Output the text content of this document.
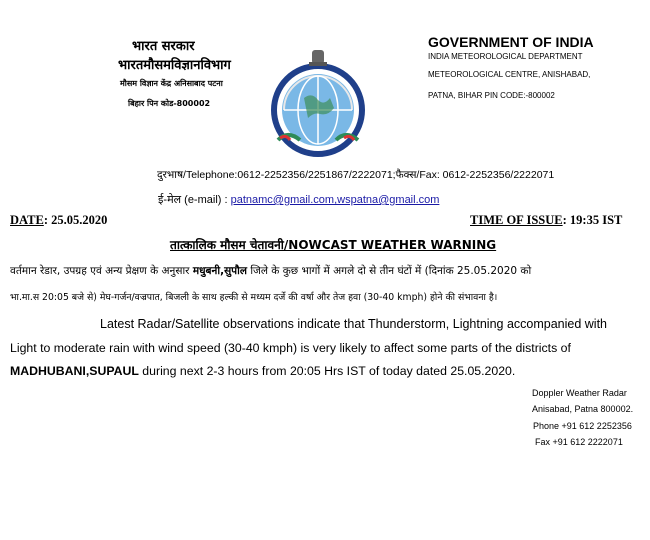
भारत सरकार
भारतमौसमविज्ञानविभाग
मौसम विज्ञान केंद्र अनिसाबाद पटना
बिहार पिन कोड-800002
GOVERNMENT OF INDIA
INDIA METEOROLOGICAL DEPARTMENT
METEOROLOGICAL CENTRE, ANISHABAD,
PATNA, BIHAR PIN CODE:-800002
दुरभाष/Telephone:0612-2252356/2251867/2222071;फैक्स/Fax: 0612-2252356/2222071
ई-मेल (e-mail) : patnamc@gmail.com,wspatna@gmail.com
DATE: 25.05.2020	TIME OF ISSUE: 19:35 IST
तात्कालिक मौसम चेतावनी/NOWCAST WEATHER WARNING
वर्तमान रेडार, उपग्रह एवं अन्य प्रेक्षण के अनुसार मधुबनी,सुपौल जिले के कुछ भागों में अगले दो से तीन घंटों में (दिनांक 25.05.2020 को
भा.मा.स 20:05 बजे से) मेघ-गर्जन/वज्रपात, बिजली के साथ हल्की से मध्यम दर्जे की वर्षा और तेज हवा (30-40 kmph) होने की संभावना है।
Latest Radar/Satellite observations indicate that Thunderstorm, Lightning accompanied with
Light to moderate rain with wind speed (30-40 kmph) is very likely to affect some parts of the districts of
MADHUBANI,SUPAUL during next 2-3 hours from 20:05 Hrs IST of today dated 25.05.2020.
Doppler Weather Radar
Anisabad, Patna 800002.
Phone +91 612 2252356
Fax +91 612 2222071
